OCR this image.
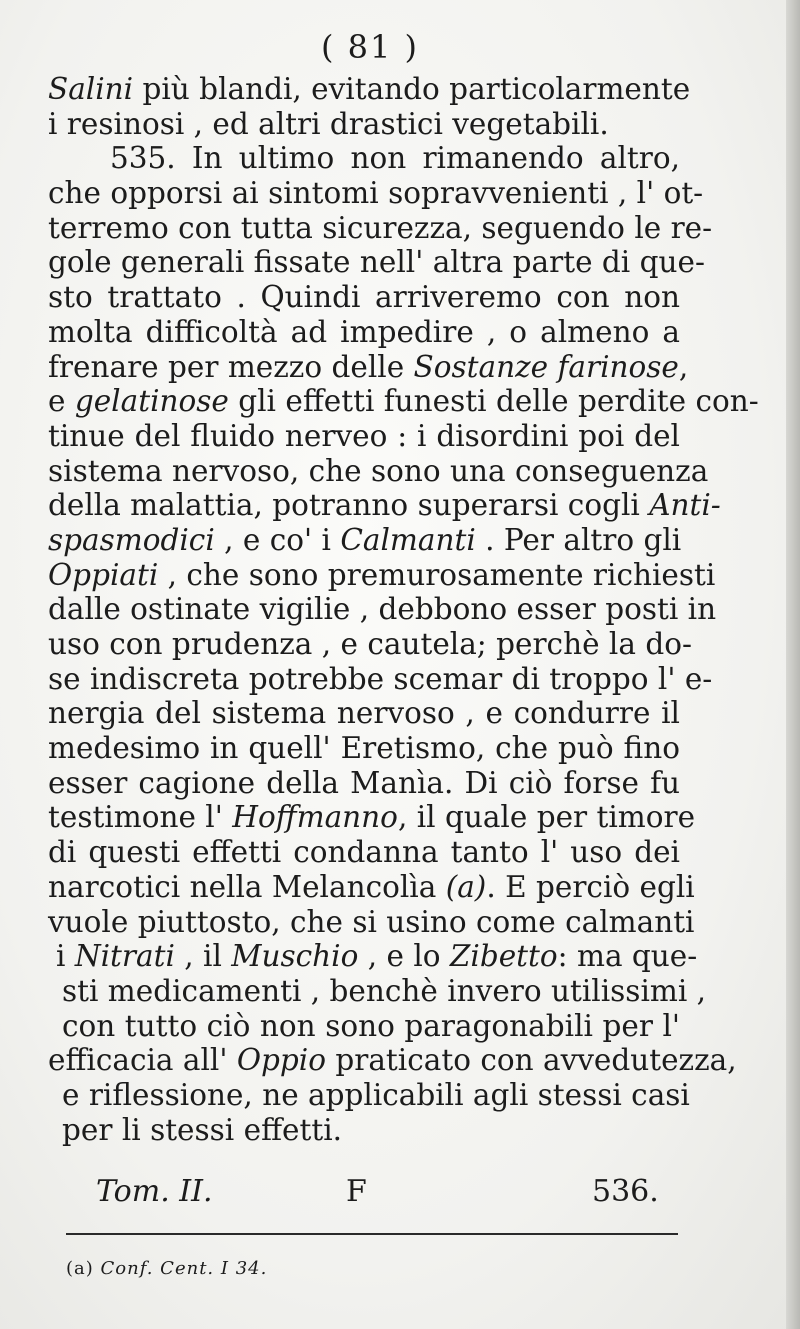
( 81 )
Salini più blandi, evitando particolarmente
i resinosi , ed altri drastici vegetabili.
535. In ultimo non rimanendo altro,
che opporsi ai sintomi sopravvenienti , l' ot-
terremo con tutta sicurezza, seguendo le re-
gole generali fissate nell' altra parte di que-
sto trattato . Quindi arriveremo con non
molta difficoltà ad impedire , o almeno a
frenare per mezzo delle Sostanze farinose,
e gelatinose gli effetti funesti delle perdite con-
tinue del fluido nerveo : i disordini poi del
sistema nervoso, che sono una conseguenza
della malattia, potranno superarsi cogli Anti-
spasmodici , e co' i Calmanti . Per altro gli
Oppiati , che sono premurosamente richiesti
dalle ostinate vigilie , debbono esser posti in
uso con prudenza , e cautela; perchè la do-
se indiscreta potrebbe scemar di troppo l' e-
nergia del sistema nervoso , e condurre il
medesimo in quell' Eretismo, che può fino
esser cagione della Manìa. Di ciò forse fu
testimone l' Hoffmanno, il quale per timore
di questi effetti condanna tanto l' uso dei
narcotici nella Melancolìa (a). E perciò egli
vuole piuttosto, che si usino come calmanti
i Nitrati , il Muschio , e lo Zibetto: ma que-
sti medicamenti , benchè invero utilissimi ,
con tutto ciò non sono paragonabili per l'
efficacia all' Oppio praticato con avvedutezza,
e riflessione, ne applicabili agli stessi casi
per li stessi effetti.
Tom. II.	F	536.
(a) Conf. Cent. I 34.
